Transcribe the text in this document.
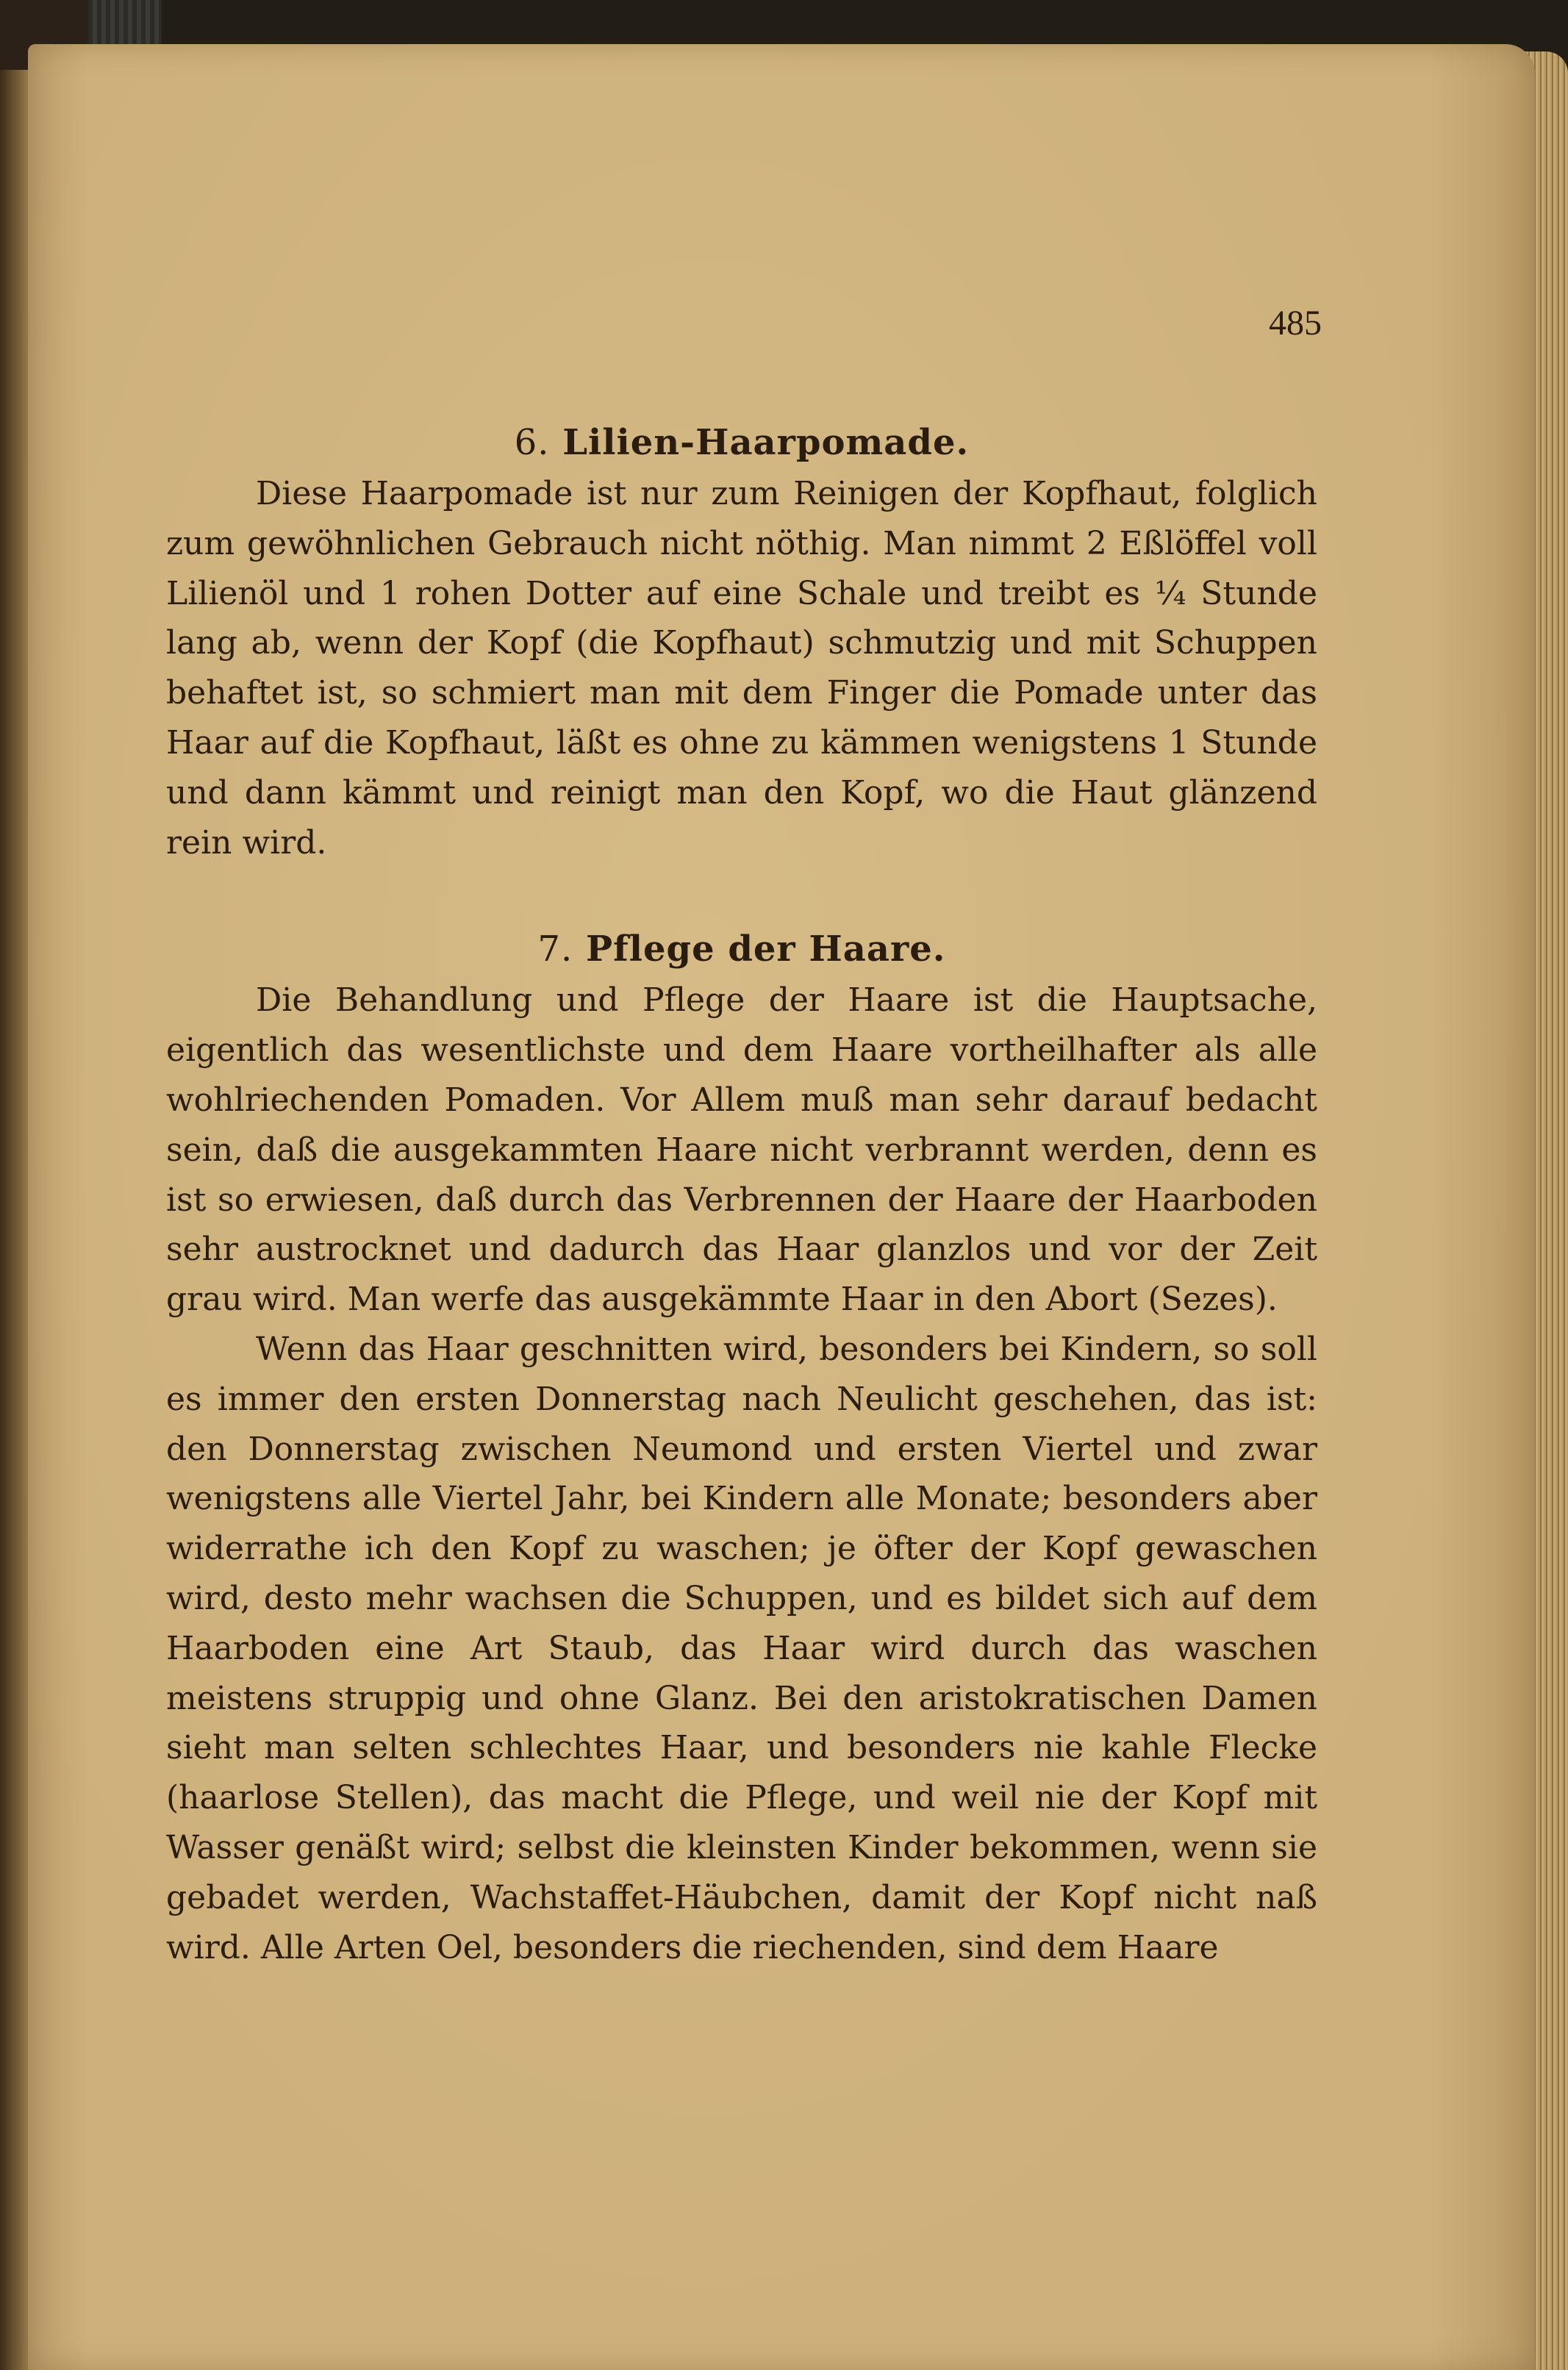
485
6. Lilien-Haarpomade.

Diese Haarpomade ist nur zum Reinigen der Kopfhaut, folglich zum gewöhnlichen Gebrauch nicht nöthig. Man nimmt 2 Eßlöffel voll Lilienöl und 1 rohen Dotter auf eine Schale und treibt es ¼ Stunde lang ab, wenn der Kopf (die Kopfhaut) schmutzig und mit Schuppen behaftet ist, so schmiert man mit dem Finger die Pomade unter das Haar auf die Kopfhaut, läßt es ohne zu kämmen wenigstens 1 Stunde und dann kämmt und reinigt man den Kopf, wo die Haut glänzend rein wird.

7. Pflege der Haare.

Die Behandlung und Pflege der Haare ist die Hauptsache, eigentlich das wesentlichste und dem Haare vortheilhafter als alle wohlriechenden Pomaden. Vor Allem muß man sehr darauf bedacht sein, daß die ausgekammten Haare nicht verbrannt werden, denn es ist so erwiesen, daß durch das Verbrennen der Haare der Haarboden sehr austrocknet und dadurch das Haar glanzlos und vor der Zeit grau wird. Man werfe das ausgekämmte Haar in den Abort (Sezes).

Wenn das Haar geschnitten wird, besonders bei Kindern, so soll es immer den ersten Donnerstag nach Neulicht geschehen, das ist: den Donnerstag zwischen Neumond und ersten Viertel und zwar wenigstens alle Viertel Jahr, bei Kindern alle Monate; besonders aber widerrathe ich den Kopf zu waschen; je öfter der Kopf gewaschen wird, desto mehr wachsen die Schuppen, und es bildet sich auf dem Haarboden eine Art Staub, das Haar wird durch das waschen meistens struppig und ohne Glanz. Bei den aristokratischen Damen sieht man selten schlechtes Haar, und besonders nie kahle Flecke (haarlose Stellen), das macht die Pflege, und weil nie der Kopf mit Wasser genäßt wird; selbst die kleinsten Kinder bekommen, wenn sie gebadet werden, Wachstaffet-Häubchen, damit der Kopf nicht naß wird. Alle Arten Oel, besonders die riechenden, sind dem Haare
